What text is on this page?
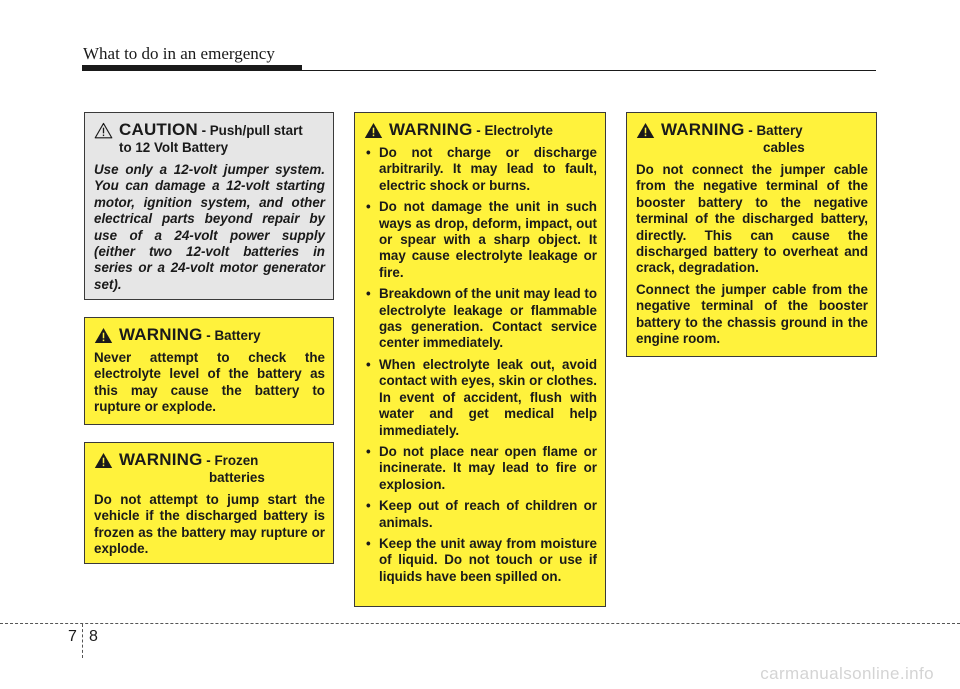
What to do in an emergency
CAUTION - Push/pull start
to 12 Volt Battery

Use only a 12-volt jumper system. You can damage a 12-volt starting motor, ignition system, and other electrical parts beyond repair by use of a 24-volt power supply (either two 12-volt batteries in series or a 24-volt motor generator set).

WARNING - Battery

Never attempt to check the electrolyte level of the battery as this may cause the battery to rupture or explode.

WARNING - Frozen
batteries

Do not attempt to jump start the vehicle if the discharged battery is frozen as the battery may rupture or explode.

WARNING - Electrolyte
• Do not charge or discharge arbitrarily. It may lead to fault, electric shock or burns.
• Do not damage the unit in such ways as drop, deform, impact, out or spear with a sharp object. It may cause electrolyte leakage or fire.
• Breakdown of the unit may lead to electrolyte leakage or flammable gas generation. Contact service center immediately.
• When electrolyte leak out, avoid contact with eyes, skin or clothes. In event of accident, flush with water and get medical help immediately.
• Do not place near open flame or incinerate. It may lead to fire or explosion.
• Keep out of reach of children or animals.
• Keep the unit away from moisture of liquid. Do not touch or use if liquids have been spilled on.
WARNING - Battery
cables

Do not connect the jumper cable from the negative terminal of the booster battery to the negative terminal of the discharged battery, directly. This can cause the discharged battery to overheat and crack, degradation.

Connect the jumper cable from the negative terminal of the booster battery to the chassis ground in the engine room.

7 8
carmanualsonline.info
